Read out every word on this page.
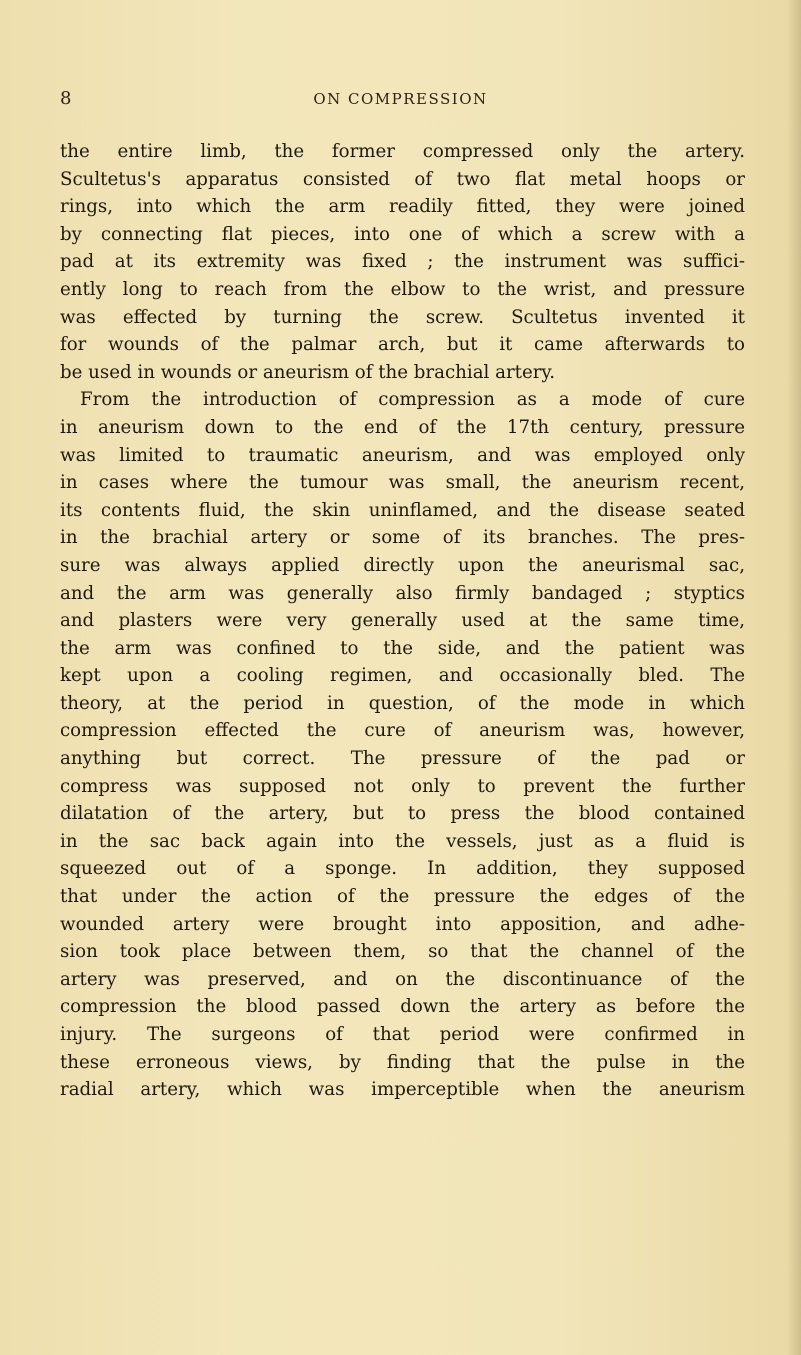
8	ON COMPRESSION
the entire limb, the former compressed only the artery.
Scultetus's apparatus consisted of two flat metal hoops or
rings, into which the arm readily fitted, they were joined
by connecting flat pieces, into one of which a screw with a
pad at its extremity was fixed ; the instrument was suffici-
ently long to reach from the elbow to the wrist, and pressure
was effected by turning the screw. Scultetus invented it
for wounds of the palmar arch, but it came afterwards to
be used in wounds or aneurism of the brachial artery.
From the introduction of compression as a mode of cure
in aneurism down to the end of the 17th century, pressure
was limited to traumatic aneurism, and was employed only
in cases where the tumour was small, the aneurism recent,
its contents fluid, the skin uninflamed, and the disease seated
in the brachial artery or some of its branches. The pres-
sure was always applied directly upon the aneurismal sac,
and the arm was generally also firmly bandaged ; styptics
and plasters were very generally used at the same time,
the arm was confined to the side, and the patient was
kept upon a cooling regimen, and occasionally bled. The
theory, at the period in question, of the mode in which
compression effected the cure of aneurism was, however,
anything but correct. The pressure of the pad or
compress was supposed not only to prevent the further
dilatation of the artery, but to press the blood contained
in the sac back again into the vessels, just as a fluid is
squeezed out of a sponge. In addition, they supposed
that under the action of the pressure the edges of the
wounded artery were brought into apposition, and adhe-
sion took place between them, so that the channel of the
artery was preserved, and on the discontinuance of the
compression the blood passed down the artery as before the
injury. The surgeons of that period were confirmed in
these erroneous views, by finding that the pulse in the
radial artery, which was imperceptible when the aneurism
